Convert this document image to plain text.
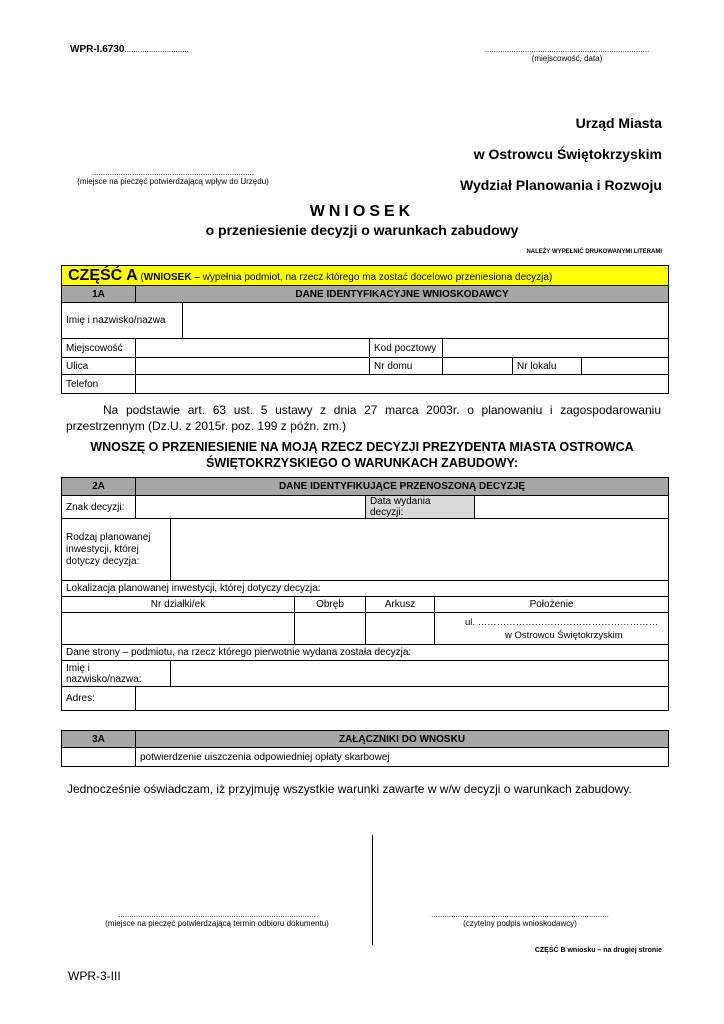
WPR-I.6730.............................	..........................................................................
(miejscowość, data)
Urząd Miasta
w Ostrowcu Świętokrzyskim
Wydział Planowania i Rozwoju
.........................................................................
(miejsce na pieczęć potwierdzającą wpływ do Urzędu)
WNIOSEK
o przeniesienie decyzji o warunkach zabudowy
NALEŻY WYPEŁNIĆ DRUKOWANYMI LITERAMI
CZĘŚĆ A (WNIOSEK – wypełnia podmiot, na rzecz którego ma zostać docelowo przeniesiona decyzja)						
1A	DANE IDENTYFIKACYJNE WNIOSKODAWCY					
Imię i nazwisko/nazwa						
Miejscowość			Kod pocztowy			
Ulica			Nr domu		Nr lokalu	
Telefon						
Na podstawie art. 63 ust. 5 ustawy z dnia 27 marca 2003r. o planowaniu i zagospodarowaniu przestrzennym (Dz.U. z 2015r. poz. 199 z późn. zm.)
WNOSZĘ O PRZENIESIENIE NA MOJĄ RZECZ DECYZJI PREZYDENTA MIASTA OSTROWCA
ŚWIĘTOKRZYSKIEGO O WARUNKACH ZABUDOWY:
2A	DANE IDENTYFIKUJĄCE PRZENOSZONĄ DECYZJĘ					
Znak decyzji:				Data wydania
decyzji:		

Rodzaj planowanej
inwestycji, której
dotyczy decyzja:						

Lokalizacja planowanej inwestycji, której dotyczy decyzja:						
Nr działki/ek			Obręb	Arkusz	Położenie	

					ul. …………………………………………………
w Ostrowcu Świętokrzyskim	

Dane strony – podmiotu, na rzecz którego pierwotnie wydana została decyzja:						
Imię i nazwisko/nazwa:						
Adres:						
3A	ZAŁĄCZNIKI DO WNOSKU
	potwierdzenie uiszczenia odpowiedniej opłaty skarbowej
Jednocześnie oświadczam, iż przyjmuję wszystkie warunki zawarte w w/w decyzji o warunkach zabudowy.
.........................................................................................
(miejsce na pieczęć potwierdzającą termin odbioru dokumentu)
................................................................................
(czytelny podpis wnioskodawcy)
CZĘŚĆ B wniosku – na drugiej stronie
WPR-3-III
